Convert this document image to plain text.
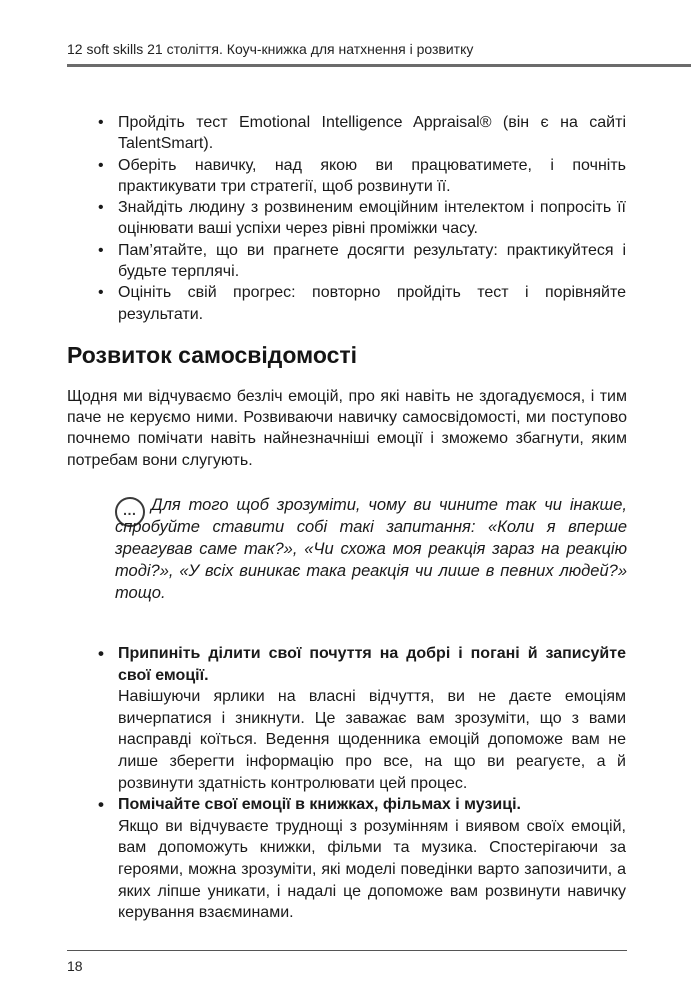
12 soft skills 21 століття. Коуч-книжка для натхнення і розвитку
• Пройдіть тест Emotional Intelligence Appraisal® (він є на сайті TalentSmart).
• Оберіть навичку, над якою ви працюватимете, і почніть практикувати три стратегії, щоб розвинути її.
• Знайдіть людину з розвиненим емоційним інтелектом і попросіть її оцінювати ваші успіхи через рівні проміжки часу.
• Пам’ятайте, що ви прагнете досягти результату: практикуйтеся і будьте терплячі.
• Оцініть свій прогрес: повторно пройдіть тест і порівняйте результати.
Розвиток самосвідомості

Щодня ми відчуваємо безліч емоцій, про які навіть не здогадуємося, і тим паче не керуємо ними. Розвиваючи навичку самосвідомості, ми поступово почнемо помічати навіть найнезначніші емоції і зможемо збагнути, яким потребам вони слугують.

… Для того щоб зрозуміти, чому ви чините так чи інакше, спробуйте ставити собі такі запитання: «Коли я вперше зреагував саме так?», «Чи схожа моя реакція зараз на реакцію тоді?», «У всіх виникає така реакція чи лише в певних людей?» тощо.

• Припиніть ділити свої почуття на добрі і погані й записуйте свої емоції.
Навішуючи ярлики на власні відчуття, ви не даєте емоціям вичерпатися і зникнути. Це заважає вам зрозуміти, що з вами насправді коїться. Ведення щоденника емоцій допоможе вам не лише зберегти інформацію про все, на що ви реагуєте, а й розвинути здатність контролювати цей процес.
• Помічайте свої емоції в книжках, фільмах і музиці.
Якщо ви відчуваєте труднощі з розумінням і виявом своїх емоцій, вам допоможуть книжки, фільми та музика. Спостерігаючи за героями, можна зрозуміти, які моделі поведінки варто запозичити, а яких ліпше уникати, і надалі це допоможе вам розвинути навичку керування взаєминами.
18
